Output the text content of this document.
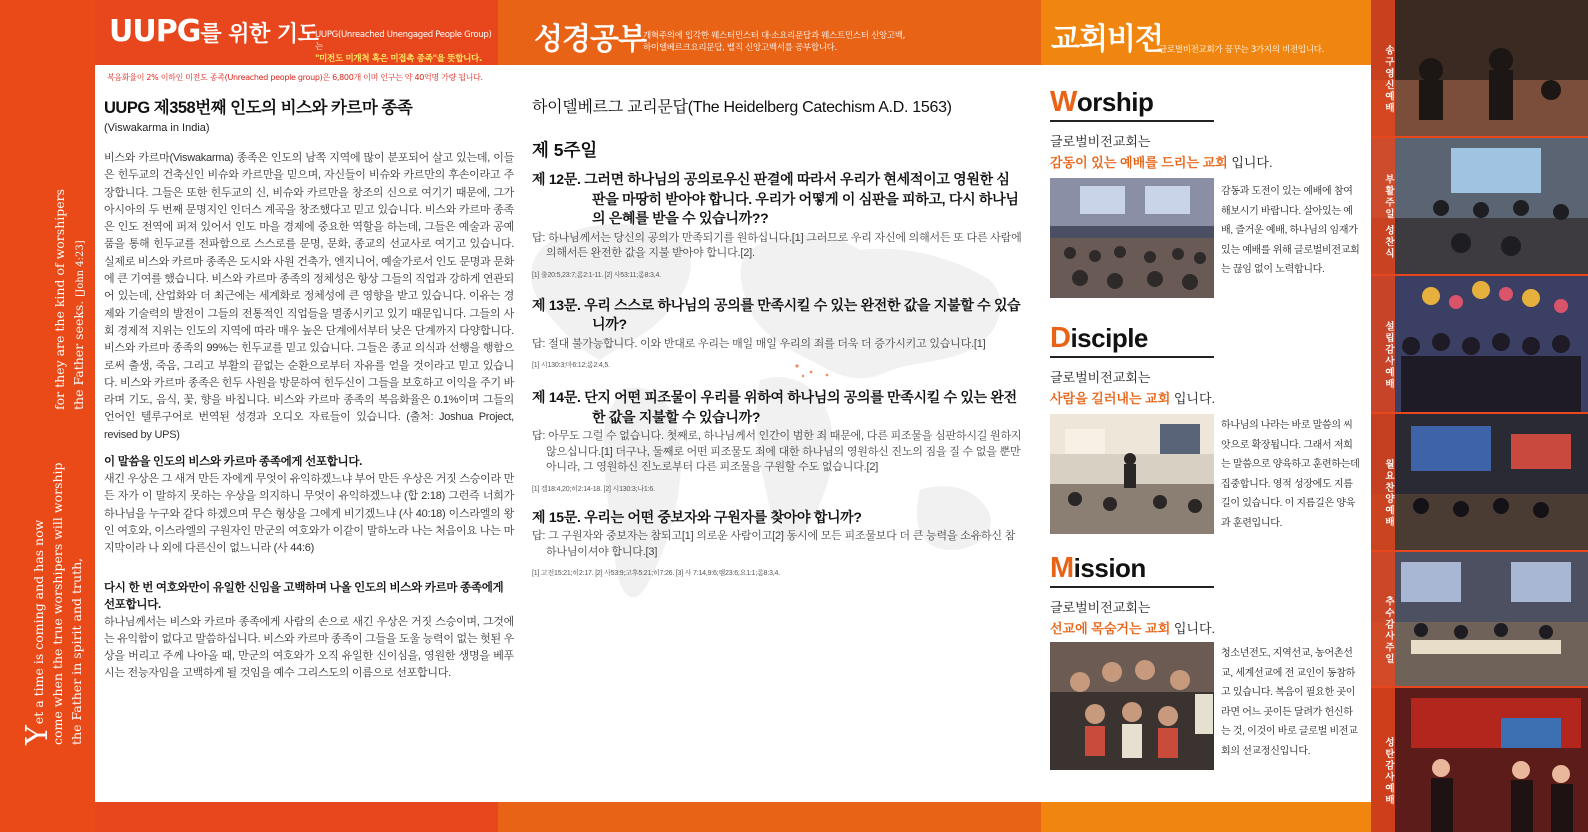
Yet a time is coming and has now come when the true worshipers will worship the Father in spirit and truth,
for they are the kind of worshipers the Father seeks. [John 4:23]
UUPG를 위한 기도
UUPG(Unreached Unengaged People Group)는
"미전도 미개척 혹은 미접촉 종족"을 뜻합니다.
성경공부
개혁주의에 입각한 웨스터민스터 대·소요리문답과 웨스트민스터 신앙고백,
하이델베르크요리문답, 벨직 신앙고백서를 공부합니다.	교회비전
글로벌비전교회가 꿈꾸는 3가지의 비전입니다.
복음화율이 2% 이하인 미전도 종족(Unreached people group)은 6,800개 이며 인구는 약 40억명 가량 됩니다.
UUPG 제358번째 인도의 비스와 카르마 종족
(Viswakarma in India)
비스와 카르마(Viswakarma) 종족은 인도의 남쪽 지역에 많이 분포되어 살고 있는데, 이들은 힌두교의 건축신인 비슈와 카르만을 믿으며, 자신들이 비슈와 카르만의 후손이라고 주장합니다. 그들은 또한 힌두교의 신, 비슈와 카르만을 창조의 신으로 여기기 때문에, 그가 아시아의 두 번째 문명지인 인더스 계곡을 창조했다고 믿고 있습니다. 비스와 카르마 종족은 인도 전역에 퍼져 있어서 인도 마을 경제에 중요한 역할을 하는데, 그들은 예술과 공예품을 통해 힌두교를 전파함으로 스스로를 문명, 문화, 종교의 선교사로 여기고 있습니다. 실제로 비스와 카르마 종족은 도시와 사원 건축가, 엔지니어, 예술가로서 인도 문명과 문화에 큰 기여를 했습니다. 비스와 카르마 종족의 정체성은 항상 그들의 직업과 강하게 연관되어 있는데, 산업화와 더 최근에는 세계화로 정체성에 큰 영향을 받고 있습니다. 이유는 경제와 기술력의 발전이 그들의 전통적인 직업들을 멸종시키고 있기 때문입니다. 그들의 사회 경제적 지위는 인도의 지역에 따라 매우 높은 단계에서부터 낮은 단계까지 다양합니다. 비스와 카르마 종족의 99%는 힌두교를 믿고 있습니다. 그들은 종교 의식과 선행을 행함으로써 출생, 죽음, 그리고 부활의 끝없는 순환으로부터 자유를 얻을 것이라고 믿고 있습니다. 비스와 카르마 종족은 힌두 사원을 방문하여 힌두신이 그들을 보호하고 이익을 주기 바라며 기도, 음식, 꽃, 향을 바칩니다. 비스와 카르마 종족의 복음화율은 0.1%이며 그들의 언어인 텔루구어로 번역된 성경과 오디오 자료들이 있습니다. (출처: Joshua Project, revised by UPS)
이 말씀을 인도의 비스와 카르마 종족에게 선포합니다.
새긴 우상은 그 새겨 만든 자에게 무엇이 유익하겠느냐 부어 만든 우상은 거짓 스승이라 만든 자가 이 말하지 못하는 우상을 의지하니 무엇이 유익하겠느냐 (합 2:18) 그런즉 너희가 하나님을 누구와 같다 하겠으며 무슨 형상을 그에게 비기겠느냐 (사 40:18) 이스라엘의 왕인 여호와, 이스라엘의 구원자인 만군의 여호와가 이같이 말하노라 나는 처음이요 나는 마지막이라 나 외에 다른신이 없느니라 (사 44:6)
다시 한 번 여호와만이 유일한 신임을 고백하며 나올 인도의 비스와 카르마 종족에게 선포합니다.
하나님께서는 비스와 카르마 종족에게 사람의 손으로 새긴 우상은 거짓 스승이며, 그것에는 유익함이 없다고 말씀하십니다. 비스와 카르마 종족이 그들을 도울 능력이 없는 헛된 우상을 버리고 주께 나아올 때, 만군의 여호와가 오직 유일한 신이심을, 영원한 생명을 베푸시는 전능자임을 고백하게 될 것임을 예수 그리스도의 이름으로 선포합니다.
하이델베르그 교리문답(The Heidelberg Catechism A.D. 1563)
제 5주일
제 12문. 그러면 하나님의 공의로우신 판결에 따라서 우리가 현세적이고 영원한 심판을 마땅히 받아야 합니다. 우리가 어떻게 이 심판을 피하고, 다시 하나님의 은혜를 받을 수 있습니까??
답: 하나님께서는 당신의 공의가 만족되기를 원하십니다.[1] 그러므로 우리 자신에 의해서든 또 다른 사람에 의해서든 완전한 값을 지불 받아야 합니다.[2].
[1] 출20:5,23:7;롬2:1-11. [2] 사53:11;롬8:3,4.
제 13문. 우리 스스로 하나님의 공의를 만족시킬 수 있는 완전한 값을 지불할 수 있습니까?
답: 절대 불가능합니다. 이와 반대로 우리는 매일 매일 우리의 죄를 더욱 더 증가시키고 있습니다.[1]
[1] 시130:3;마6:12;롬2:4,5.
제 14문. 단지 어떤 피조물이 우리를 위하여 하나님의 공의를 만족시킬 수 있는 완전한 값을 지불할 수 있습니까?
답: 아무도 그럴 수 없습니다. 첫째로, 하나님께서 인간이 범한 죄 때문에, 다른 피조물을 심판하시길 원하지 않으십니다.[1] 더구나, 둘째로 어떤 피조물도 죄에 대한 하나님의 영원하신 진노의 짐을 질 수 없을 뿐만 아니라, 그 영원하신 진노로부터 다른 피조물을 구원할 수도 없습니다.[2]
[1] 겔18:4,20;히2:14-18. [2] 시130:3;나1:6.
제 15문. 우리는 어떤 중보자와 구원자를 찾아야 합니까?
답: 그 구원자와 중보자는 참되고[1] 의로운 사람이고[2] 동시에 모든 피조물보다 더 큰 능력을 소유하신 참 하나님이셔야 합니다.[3]
[1] 고전15:21;히2:17. [2] 사53:9;고후5:21;히7:26. [3] 사 7:14,9:6;렘23:6;요1:1;롬8:3,4.
Worship
글로벌비전교회는
감동이 있는 예배를 드리는 교회 입니다.
감동과 도전이 있는 예배에 참여해보시기 바랍니다. 살아있는 예배, 즐거운 예배, 하나님의 임재가 있는 예배를 위해 글로벌비전교회는 끊임 없이 노력합니다.
Disciple
글로벌비전교회는
사람을 길러내는 교회 입니다.
하나님의 나라는 바로 말씀의 씨앗으로 확장됩니다. 그래서 저희는 말씀으로 양육하고 훈련하는데 집중합니다. 영적 성장에도 지름길이 있습니다. 이 지름길은 양육과 훈련입니다.
Mission
글로벌비전교회는
선교에 목숨거는 교회 입니다.
청소년전도, 지역선교, 농어촌선교, 세계선교에 전 교인이 동참하고 있습니다. 복음이 필요한 곳이라면 어느 곳이든 달려가 헌신하는 것, 이것이 바로 글로벌 비전교회의 선교정신입니다.
송구영신예배
부활주일 성찬식
설립감사예배
월요찬양예배
추수감사주일
성탄감사예배
